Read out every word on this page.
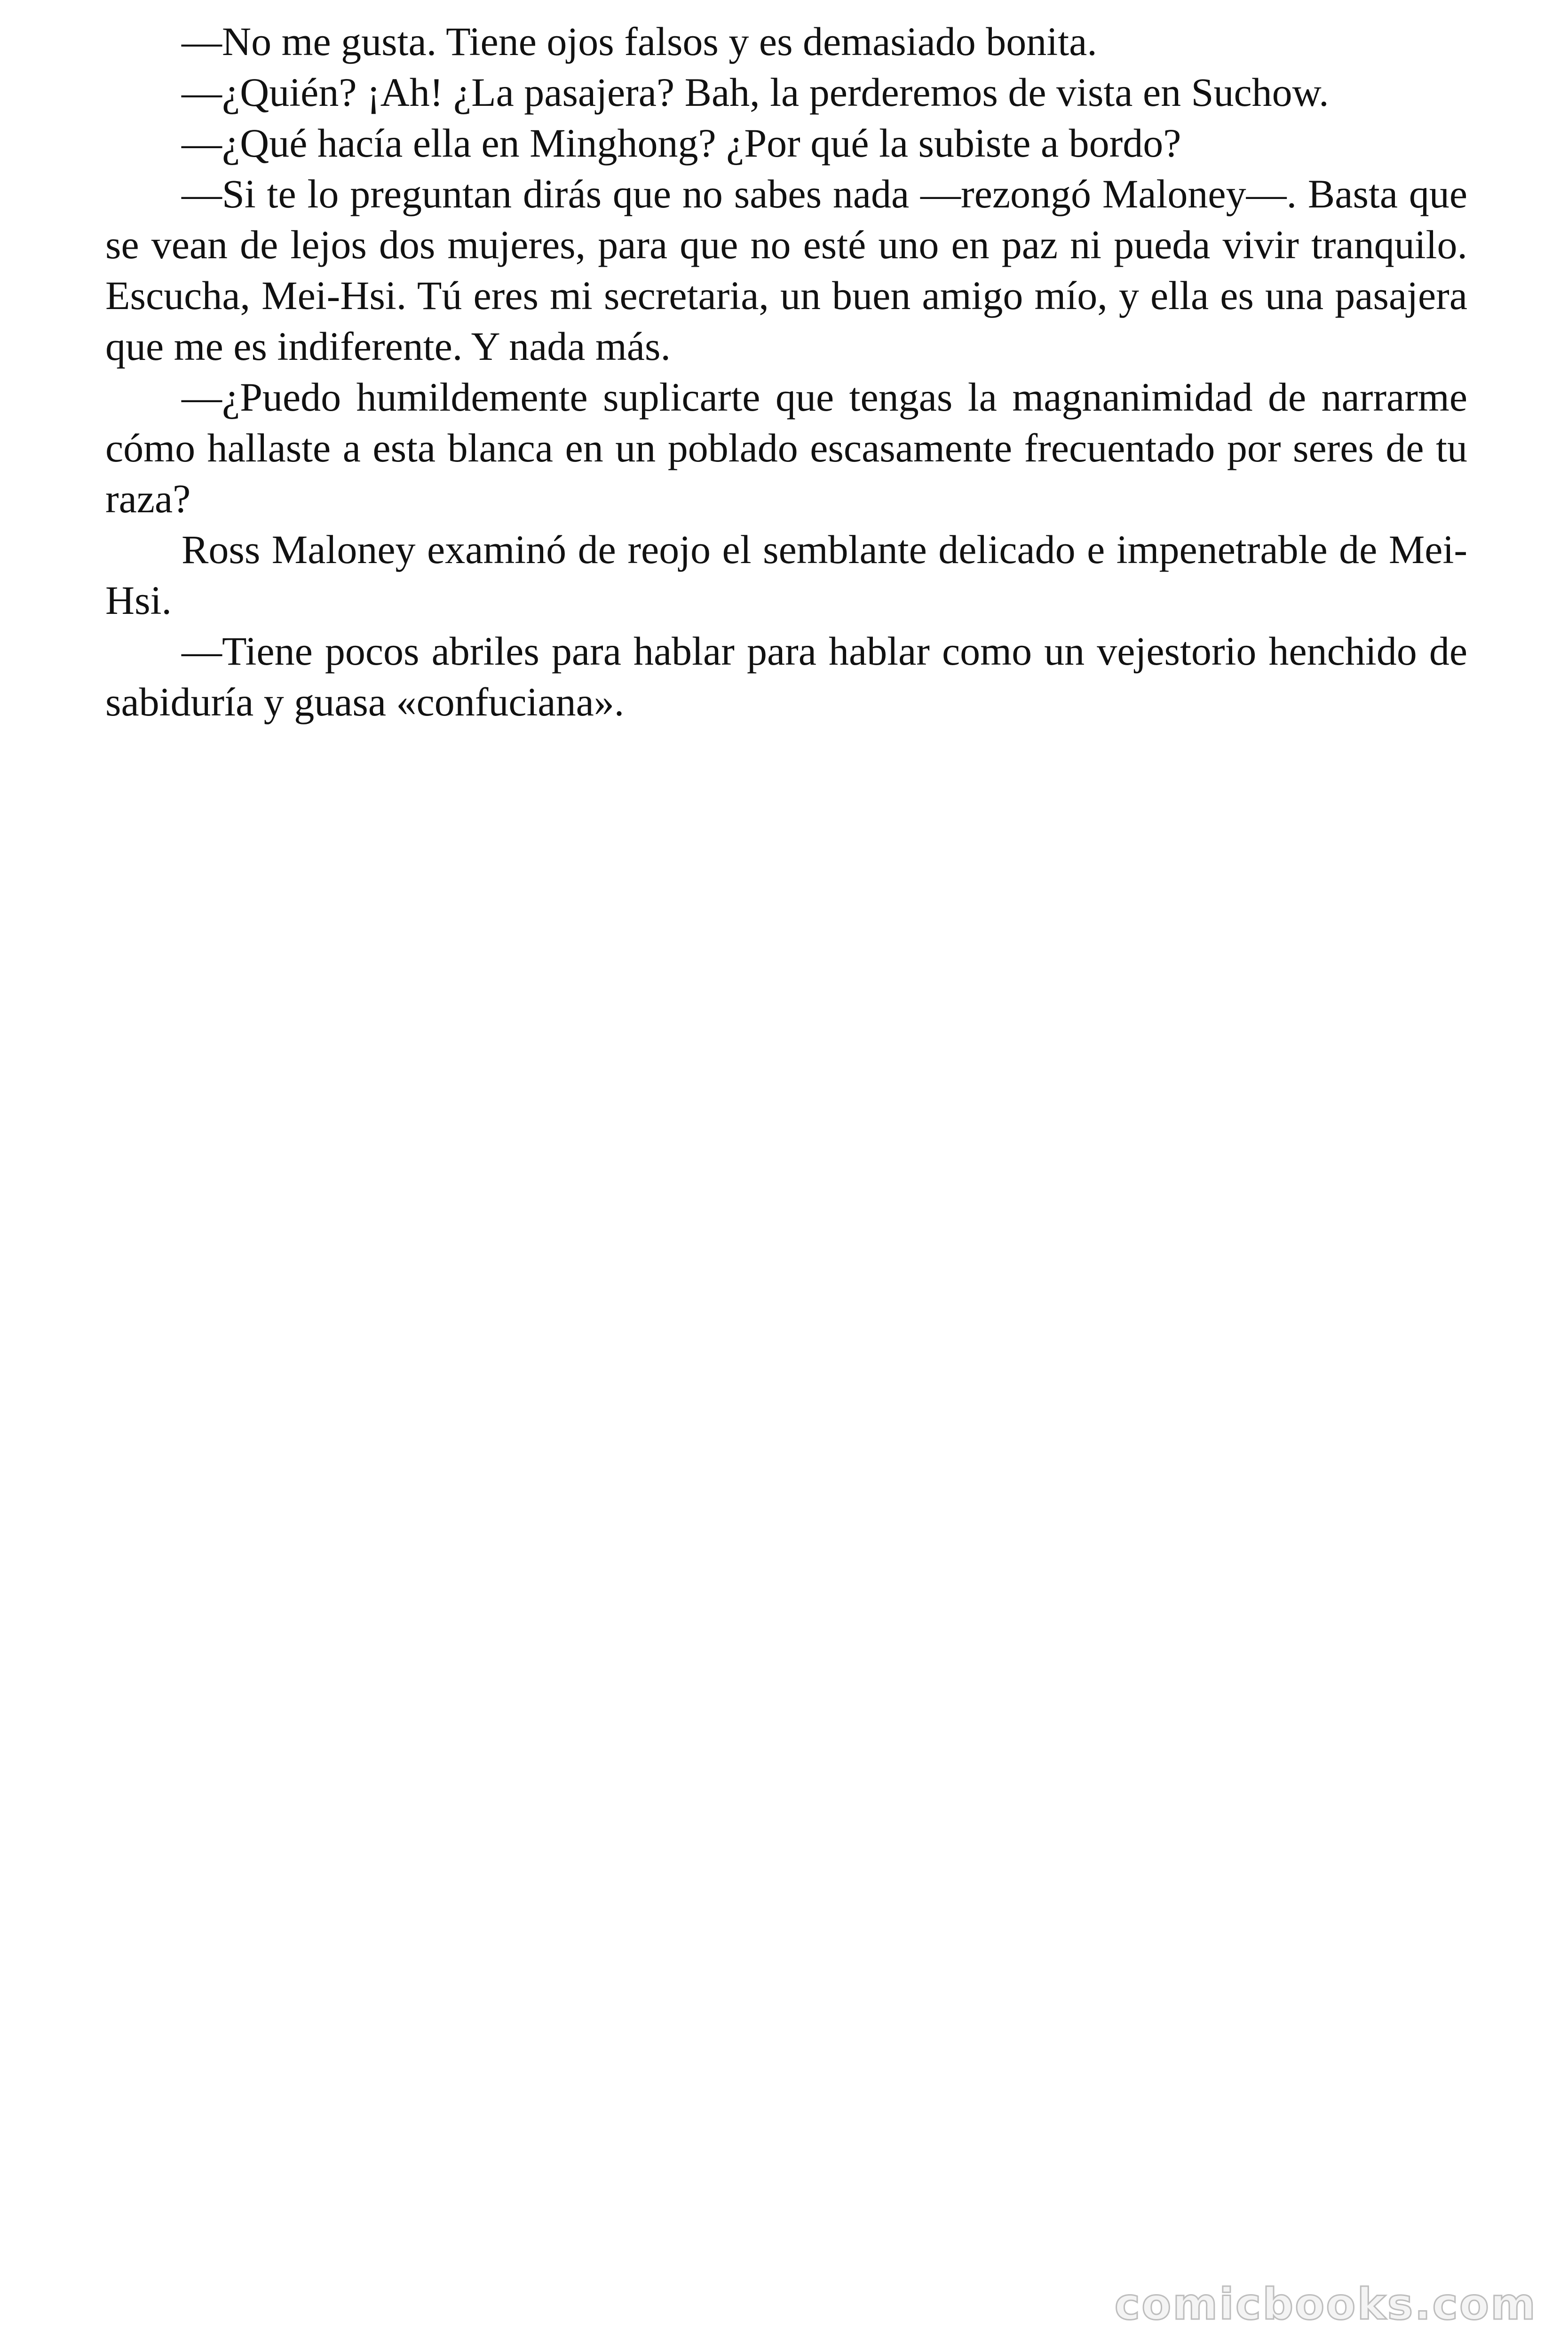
—No me gusta. Tiene ojos falsos y es demasiado bonita.

—¿Quién? ¡Ah! ¿La pasajera? Bah, la perderemos de vista en Suchow.

—¿Qué hacía ella en Minghong? ¿Por qué la subiste a bordo?

—Si te lo preguntan dirás que no sabes nada —rezongó Maloney—. Basta que se vean de lejos dos mujeres, para que no esté uno en paz ni pueda vivir tranquilo. Escucha, Mei-Hsi. Tú eres mi secretaria, un buen amigo mío, y ella es una pasajera que me es indiferente. Y nada más.

—¿Puedo humildemente suplicarte que tengas la magnanimidad de narrarme cómo hallaste a esta blanca en un poblado escasamente frecuentado por seres de tu raza?

Ross Maloney examinó de reojo el semblante delicado e impenetrable de Mei-Hsi.

—Tiene pocos abriles para hablar para hablar como un vejestorio henchido de sabiduría y guasa «confuciana».

comicbooks.com
